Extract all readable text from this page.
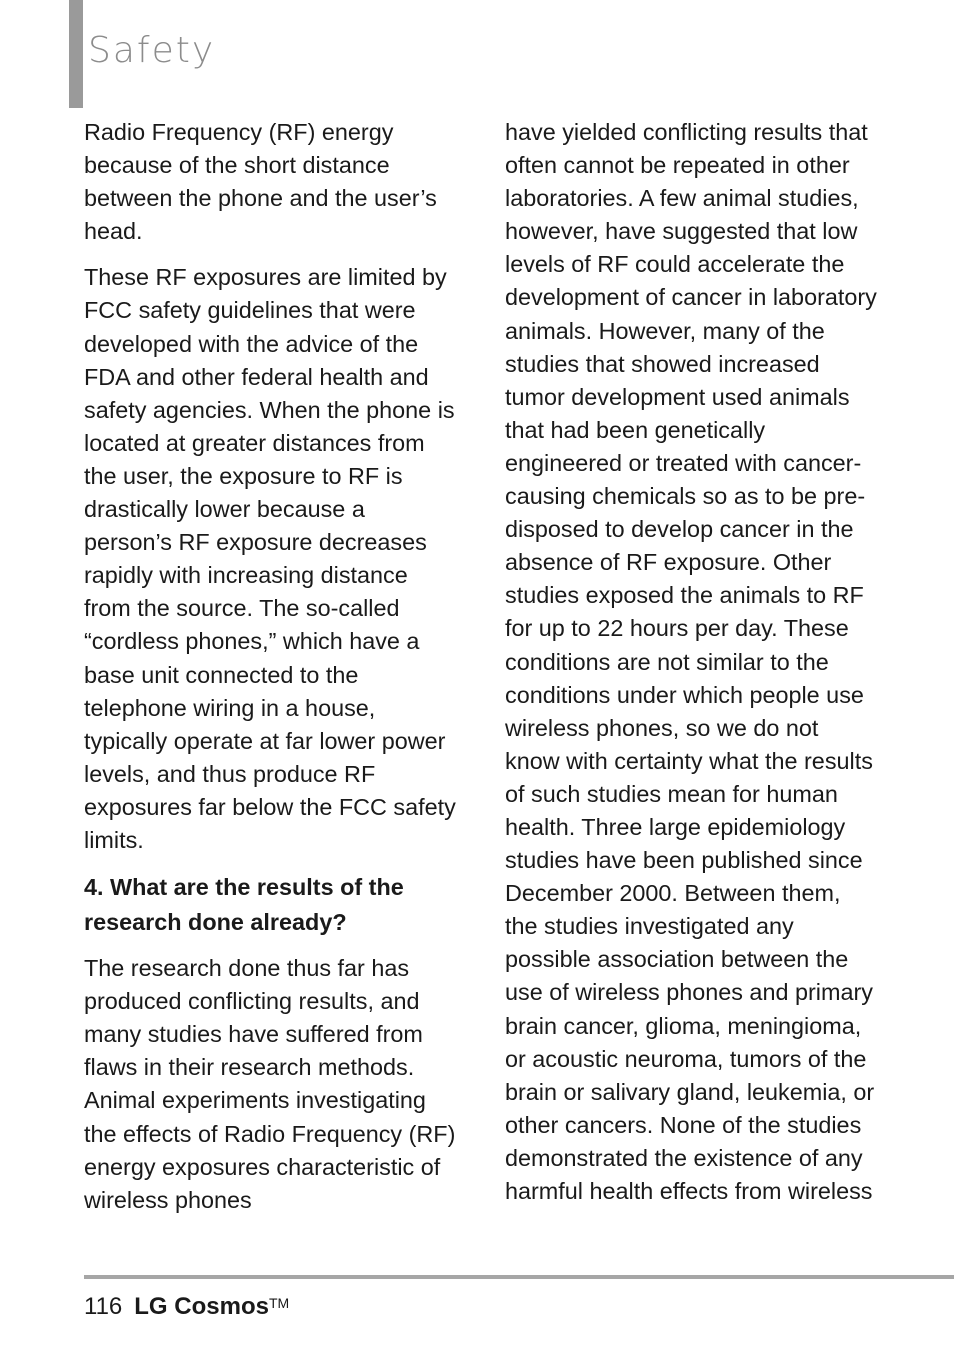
Safety

Radio Frequency (RF) energy because of the short distance between the phone and the user’s head.

These RF exposures are limited by FCC safety guidelines that were developed with the advice of the FDA and other federal health and safety agencies. When the phone is located at greater distances from the user, the exposure to RF is drastically lower because a person’s RF exposure decreases rapidly with increasing distance from the source. The so-called “cordless phones,” which have a base unit connected to the telephone wiring in a house, typically operate at far lower power levels, and thus produce RF exposures far below the FCC safety limits.

4. What are the results of the research done already?

The research done thus far has produced conflicting results, and many studies have suffered from flaws in their research methods. Animal experiments investigating the effects of Radio Frequency (RF) energy exposures characteristic of wireless phones

have yielded conflicting results that often cannot be repeated in other laboratories. A few animal studies, however, have suggested that low levels of RF could accelerate the development of cancer in laboratory animals. However, many of the studies that showed increased tumor development used animals that had been genetically engineered or treated with cancer-causing chemicals so as to be pre-disposed to develop cancer in the absence of RF exposure. Other studies exposed the animals to RF for up to 22 hours per day. These conditions are not similar to the conditions under which people use wireless phones, so we do not know with certainty what the results of such studies mean for human health. Three large epidemiology studies have been published since December 2000. Between them, the studies investigated any possible association between the use of wireless phones and primary brain cancer, glioma, meningioma, or acoustic neuroma, tumors of the brain or salivary gland, leukemia, or other cancers. None of the studies demonstrated the existence of any harmful health effects from wireless

116 LG Cosmos™
